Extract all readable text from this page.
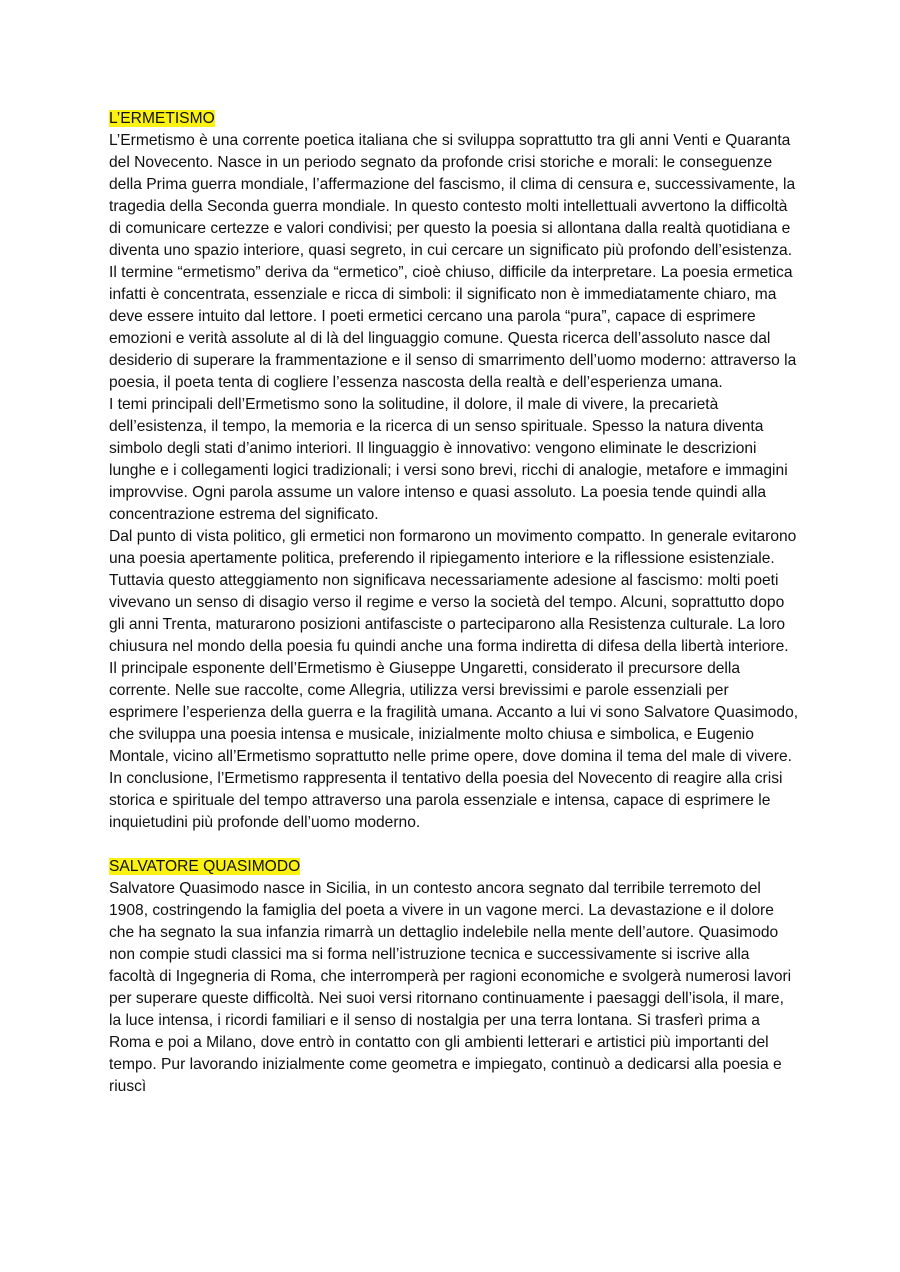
L’ERMETISMO

L’Ermetismo è una corrente poetica italiana che si sviluppa soprattutto tra gli anni Venti e Quaranta del Novecento. Nasce in un periodo segnato da profonde crisi storiche e morali: le conseguenze della Prima guerra mondiale, l’affermazione del fascismo, il clima di censura e, successivamente, la tragedia della Seconda guerra mondiale. In questo contesto molti intellettuali avvertono la difficoltà di comunicare certezze e valori condivisi; per questo la poesia si allontana dalla realtà quotidiana e diventa uno spazio interiore, quasi segreto, in cui cercare un significato più profondo dell’esistenza.

Il termine “ermetismo” deriva da “ermetico”, cioè chiuso, difficile da interpretare. La poesia ermetica infatti è concentrata, essenziale e ricca di simboli: il significato non è immediatamente chiaro, ma deve essere intuito dal lettore. I poeti ermetici cercano una parola “pura”, capace di esprimere emozioni e verità assolute al di là del linguaggio comune. Questa ricerca dell’assoluto nasce dal desiderio di superare la frammentazione e il senso di smarrimento dell’uomo moderno: attraverso la poesia, il poeta tenta di cogliere l’essenza nascosta della realtà e dell’esperienza umana.

I temi principali dell’Ermetismo sono la solitudine, il dolore, il male di vivere, la precarietà dell’esistenza, il tempo, la memoria e la ricerca di un senso spirituale. Spesso la natura diventa simbolo degli stati d’animo interiori. Il linguaggio è innovativo: vengono eliminate le descrizioni lunghe e i collegamenti logici tradizionali; i versi sono brevi, ricchi di analogie, metafore e immagini improvvise. Ogni parola assume un valore intenso e quasi assoluto. La poesia tende quindi alla concentrazione estrema del significato.

Dal punto di vista politico, gli ermetici non formarono un movimento compatto. In generale evitarono una poesia apertamente politica, preferendo il ripiegamento interiore e la riflessione esistenziale. Tuttavia questo atteggiamento non significava necessariamente adesione al fascismo: molti poeti vivevano un senso di disagio verso il regime e verso la società del tempo. Alcuni, soprattutto dopo gli anni Trenta, maturarono posizioni antifasciste o parteciparono alla Resistenza culturale. La loro chiusura nel mondo della poesia fu quindi anche una forma indiretta di difesa della libertà interiore.

Il principale esponente dell’Ermetismo è Giuseppe Ungaretti, considerato il precursore della corrente. Nelle sue raccolte, come Allegria, utilizza versi brevissimi e parole essenziali per esprimere l’esperienza della guerra e la fragilità umana. Accanto a lui vi sono Salvatore Quasimodo, che sviluppa una poesia intensa e musicale, inizialmente molto chiusa e simbolica, e Eugenio Montale, vicino all’Ermetismo soprattutto nelle prime opere, dove domina il tema del male di vivere. In conclusione, l’Ermetismo rappresenta il tentativo della poesia del Novecento di reagire alla crisi storica e spirituale del tempo attraverso una parola essenziale e intensa, capace di esprimere le inquietudini più profonde dell’uomo moderno.

SALVATORE QUASIMODO

Salvatore Quasimodo nasce in Sicilia, in un contesto ancora segnato dal terribile terremoto del 1908, costringendo la famiglia del poeta a vivere in un vagone merci. La devastazione e il dolore che ha segnato la sua infanzia rimarrà un dettaglio indelebile nella mente dell’autore. Quasimodo non compie studi classici ma si forma nell’istruzione tecnica e successivamente si iscrive alla facoltà di Ingegneria di Roma, che interromperà per ragioni economiche e svolgerà numerosi lavori per superare queste difficoltà. Nei suoi versi ritornano continuamente i paesaggi dell’isola, il mare, la luce intensa, i ricordi familiari e il senso di nostalgia per una terra lontana. Si trasferì prima a Roma e poi a Milano, dove entrò in contatto con gli ambienti letterari e artistici più importanti del tempo. Pur lavorando inizialmente come geometra e impiegato, continuò a dedicarsi alla poesia e riuscì
